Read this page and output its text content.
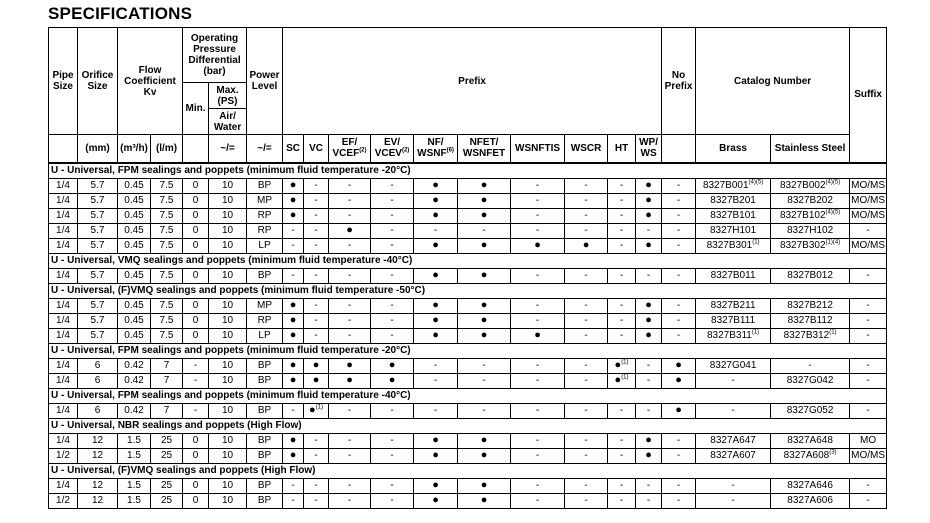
SPECIFICATIONS
Pipe Size	Orifice Size	Flow Coefficient Kv		Operating Pressure Differential (bar)		Power Level	Prefix										No Prefix	Catalog Number		Suffix

				Min.	Max. (PS)															
					Air/ Water															
	(mm)	(m³/h)	(l/m)		~/=	~/=	SC	VC	EF/ VCEF$^{(2)}$	EV/ VCEV$^{(2)}$	NF/ WSNF$^{(6)}$	NFET/ WSNFET	WSNFTIS	WSCR	HT	WP/ WS		Brass	Stainless Steel	
U - Universal, FPM sealings and poppets (minimum fluid temperature -20°C)																				
1/4	5.7	0.45	7.5	0	10	BP	●	-	-	-	●	●	-	-	-	●	-	$8327B001^{(4)(5)}$	$8327B002^{(4)(5)}$	MO/MS
1/4	5.7	0.45	7.5	0	10	MP	●	-	-	-	●	●	-	-	-	●	-	8327B201	8327B202	MO/MS
1/4	5.7	0.45	7.5	0	10	RP	●	-	-	-	●	●	-	-	-	●	-	8327B101	$8327B102^{(4)(5)}$	MO/MS
1/4	5.7	0.45	7.5	0	10	RP	-	-	●	-	-	-	-	-	-	-	-	8327H101	8327H102	-
1/4	5.7	0.45	7.5	0	10	LP	-	-	-	-	●	●	●	●	-	●	-	8327B301$^{(1)}$	$8327B302^{(1)(4)}$	MO/MS
U - Universal, VMQ sealings and poppets (minimum fluid temperature -40°C)																				
1/4	5.7	0.45	7.5	0	10	BP	-	-	-	-	●	●	-	-	-	-	-	8327B011	8327B012	-
U - Universal, (F)VMQ sealings and poppets (minimum fluid temperature -50°C)																				
1/4	5.7	0.45	7.5	0	10	MP	●	-	-	-	●	●	-	-	-	●	-	8327B211	8327B212	-
1/4	5.7	0.45	7.5	0	10	RP	●	-	-	-	●	●	-	-	-	●	-	8327B111	8327B112	-
1/4	5.7	0.45	7.5	0	10	LP	●	-	-	-	●	●	●	-	-	●	-	8327B311$^{(1)}$	8327B312$^{(1)}$	-
U - Universal, FPM sealings and poppets (minimum fluid temperature -20°C)																				
1/4	6	0.42	7	-	10	BP	●	●	●	●	-	-	-	-	●$^{(1)}$	-	●	8327G041	-	-
1/4	6	0.42	7	-	10	BP	●	●	●	●	-	-	-	-	●$^{(1)}$	-	●	-	8327G042	-
U - Universal, FPM sealings and poppets (minimum fluid temperature -40°C)																				
1/4	6	0.42	7	-	10	BP	-	●$^{(1)}$	-	-	-	-	-	-	-	-	●	-	8327G052	-
U - Universal, NBR sealings and poppets (High Flow)																				
1/4	12	1.5	25	0	10	BP	●	-	-	-	●	●	-	-	-	●	-	8327A647	8327A648	MO
1/2	12	1.5	25	0	10	BP	●	-	-	-	●	●	-	-	-	●	-	8327A607	8327A608$^{(3)}$	MO/MS
U - Universal, (F)VMQ sealings and poppets (High Flow)																				
1/4	12	1.5	25	0	10	BP	-	-	-	-	●	●	-	-	-	-	-	-	8327A646	-
1/2	12	1.5	25	0	10	BP	-	-	-	-	●	●	-	-	-	-	-	-	8327A606	-
